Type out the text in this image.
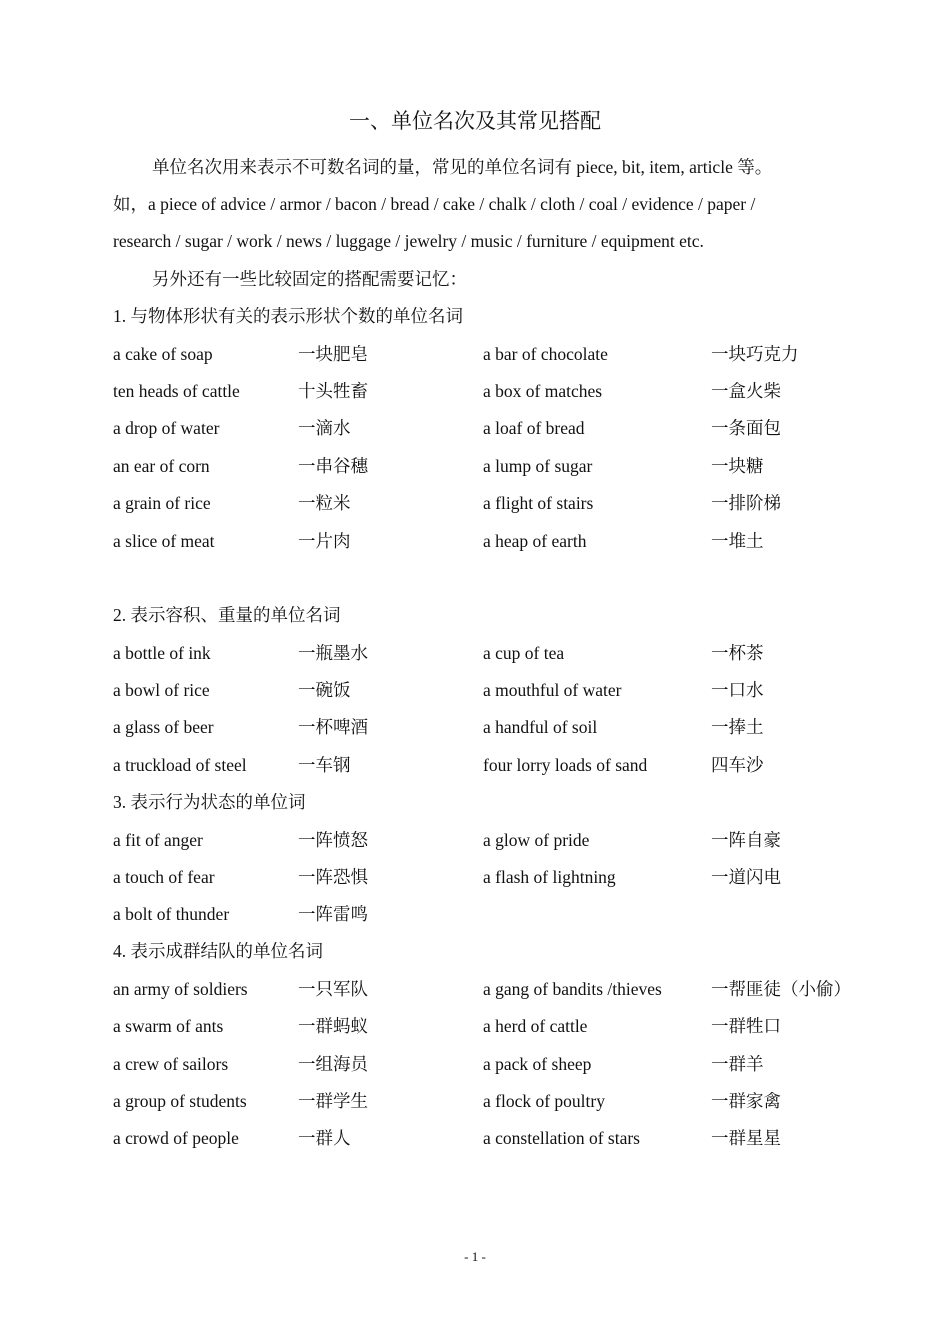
一、单位名次及其常见搭配
单位名次用来表示不可数名词的量，常见的单位名词有 piece, bit, item, article 等。
如，a piece of advice / armor / bacon / bread / cake / chalk / cloth / coal / evidence / paper /
research / sugar / work / news / luggage / jewelry / music / furniture / equipment etc.
另外还有一些比较固定的搭配需要记忆：
1. 与物体形状有关的表示形状个数的单位名词
a cake of soap	一块肥皂	a bar of chocolate	一块巧克力
ten heads of cattle	十头牲畜	a box of matches	一盒火柴
a drop of water	一滴水	a loaf of bread	一条面包
an ear of corn	一串谷穗	a lump of sugar	一块糖
a grain of rice	一粒米	a flight of stairs	一排阶梯
a slice of meat	一片肉	a heap of earth	一堆土
2. 表示容积、重量的单位名词
a bottle of ink	一瓶墨水	a cup of tea	一杯茶
a bowl of rice	一碗饭	a mouthful of water	一口水
a glass of beer	一杯啤酒	a handful of soil	一捧土
a truckload of steel	一车钢	four lorry loads of sand	四车沙
3. 表示行为状态的单位词
a fit of anger	一阵愤怒	a glow of pride	一阵自豪
a touch of fear	一阵恐惧	a flash of lightning	一道闪电
a bolt of thunder	一阵雷鸣
4. 表示成群结队的单位名词
an army of soldiers	一只军队	a gang of bandits /thieves	一帮匪徒（小偷）
a swarm of ants	一群蚂蚁	a herd of cattle	一群牲口
a crew of sailors	一组海员	a pack of sheep	一群羊
a group of students	一群学生	a flock of poultry	一群家禽
a crowd of people	一群人	a constellation of stars	一群星星
- 1 -
